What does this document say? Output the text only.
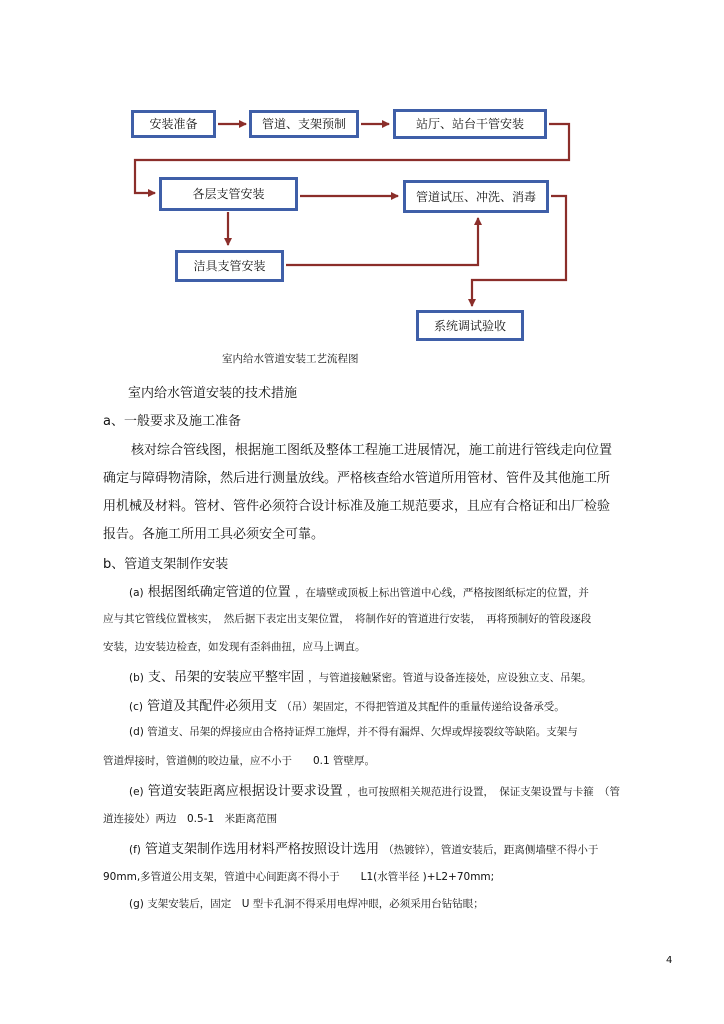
安装准备	管道、支架预制	站厅、站台干管安装
各层支管安装	管道试压、冲洗、消毒
洁具支管安装
系统调试验收
室内给水管道安装工艺流程图
室内给水管道安装的技术措施
a、一般要求及施工准备
核对综合管线图，根据施工图纸及整体工程施工进展情况，施工前进行管线走向位置
确定与障碍物清除，然后进行测量放线。严格核查给水管道所用管材、管件及其他施工所
用机械及材料。管材、管件必须符合设计标准及施工规范要求，且应有合格证和出厂检验
报告。各施工所用工具必须安全可靠。
b、管道支架制作安装
(a) 根据图纸确定管道的位置 ，在墙壁或顶板上标出管道中心线，严格按图纸标定的位置，并
应与其它管线位置核实，　然后据下表定出支架位置，　将制作好的管道进行安装，　再将预制好的管段逐段
安装，边安装边检查，如发现有歪斜曲扭，应马上调直。
(b) 支、吊架的安装应平整牢固 ，与管道接触紧密。管道与设备连接处，应设独立支、吊架。
(c) 管道及其配件必须用支 （吊）架固定，不得把管道及其配件的重量传递给设备承受。
(d) 管道支、吊架的焊接应由合格持证焊工施焊，并不得有漏焊、欠焊或焊接裂纹等缺陷。支架与
管道焊接时，管道侧的咬边量，应不小于　　0.1 管壁厚。
(e) 管道安装距离应根据设计要求设置 ，也可按照相关规范进行设置，　保证支架设置与卡箍　（管
道连接处）两边　0.5-1　米距离范围
(f) 管道支架制作选用材料严格按照设计选用 （热镀锌），管道安装后，距离侧墙壁不得小于
90mm,多管道公用支架，管道中心间距离不得小于　　L1(水管半径 )+L2+70mm;
(g) 支架安装后，固定　U 型卡孔洞不得采用电焊冲眼，必须采用台钻钻眼；
4
